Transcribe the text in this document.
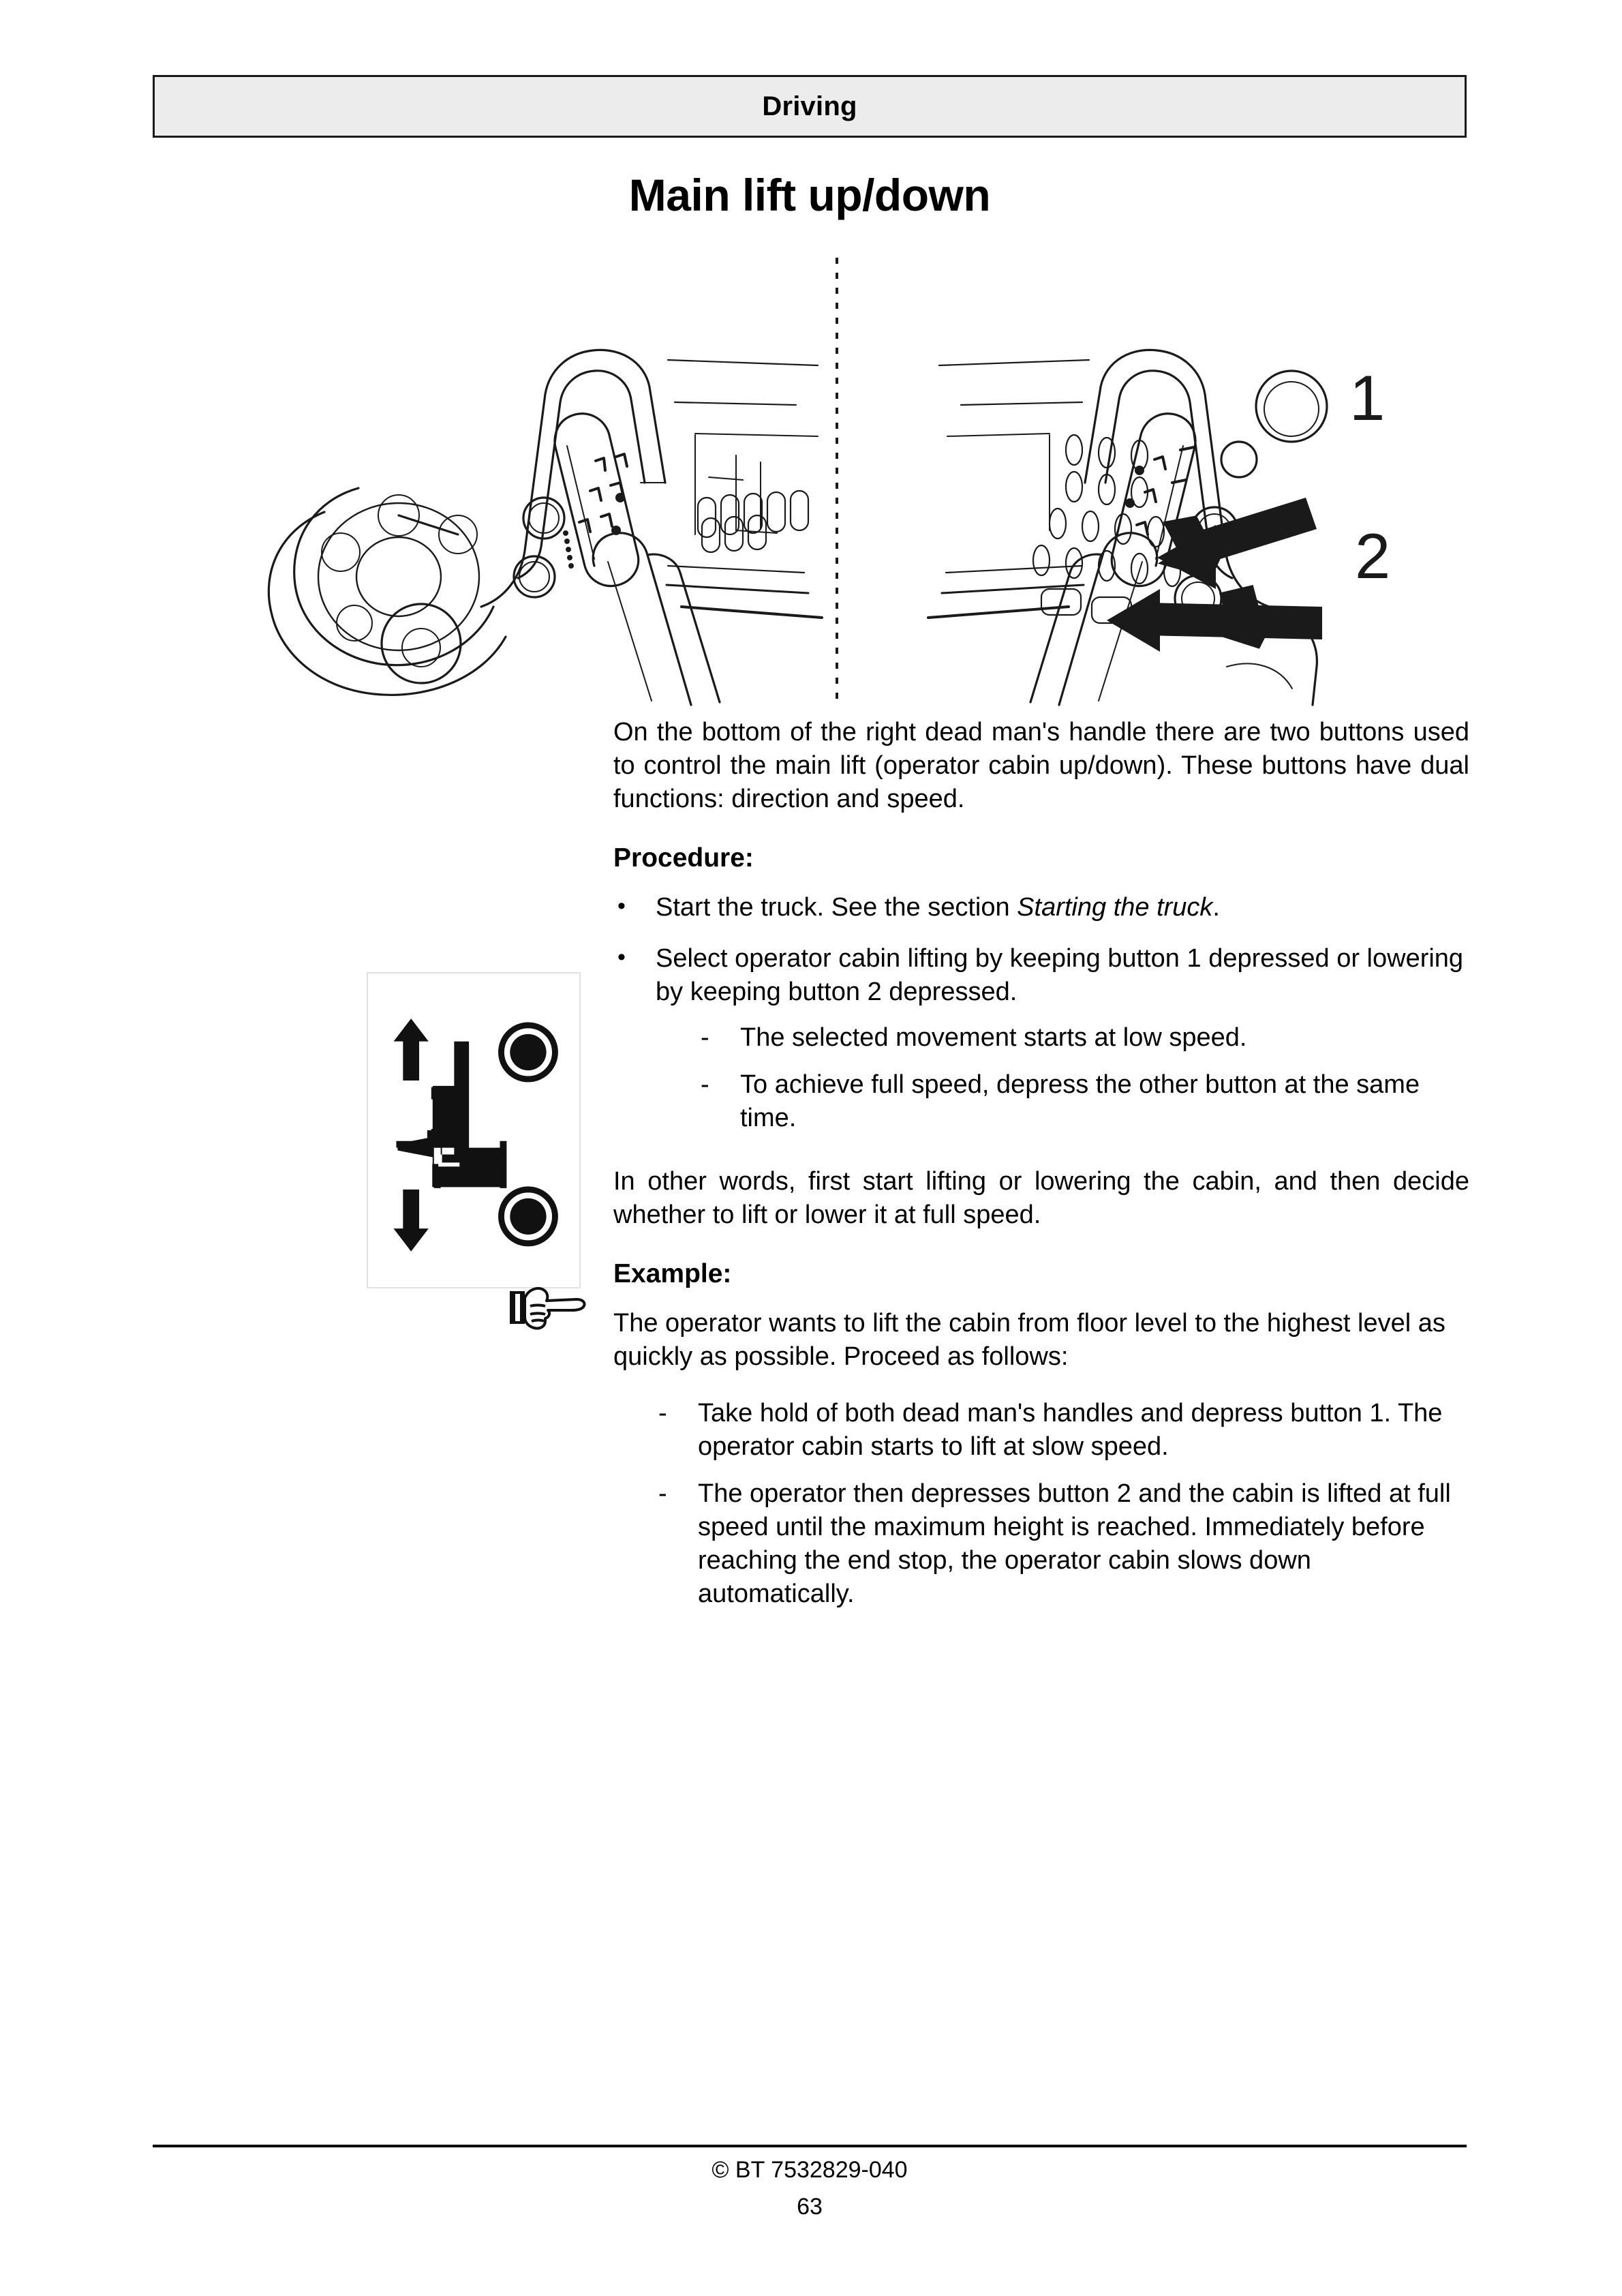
Driving
Main lift up/down
1
2

On the bottom of the right dead man's handle there are two buttons used to control the main lift (operator cabin up/down). These buttons have dual functions: direction and speed.

Procedure:

• Start the truck. See the section Starting the truck.
• Select operator cabin lifting by keeping button 1 depressed or lowering by keeping button 2 depressed.
- The selected movement starts at low speed.
- To achieve full speed, depress the other button at the same time.

In other words, first start lifting or lowering the cabin, and then decide whether to lift or lower it at full speed.

Example:

The operator wants to lift the cabin from floor level to the highest level as quickly as possible. Proceed as follows:

- Take hold of both dead man's handles and depress button 1. The operator cabin starts to lift at slow speed.
- The operator then depresses button 2 and the cabin is lifted at full speed until the maximum height is reached. Immediately before reaching the end stop, the operator cabin slows down automatically.
© BT 7532829-040
63
